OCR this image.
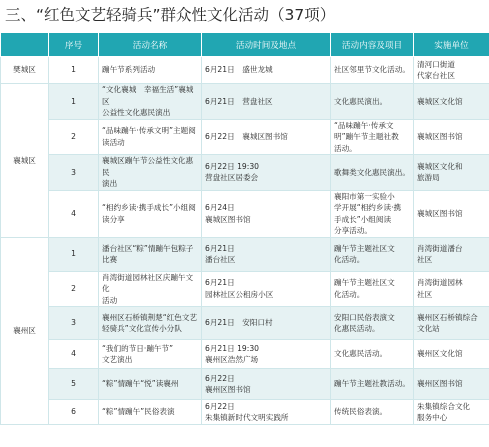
三、“红色文艺轻骑兵”群众性文化活动（37项）
	序号	活动名称	活动时间及地点	活动内容及项目	实施单位
樊城区	1	蹦午节系列活动	6月21日　盛世龙城	社区邻里节文化活动。	清河口街道
代家台社区

襄城区	1	“文化襄城　幸福生活”襄城区
公益性文化惠民演出	6月21日　营盘社区	文化惠民演出。	襄城区文化馆

	2	“品味蹦午·传承文明”主题阅
读活动	6月22日　襄城区图书馆	“品味蹦午·传承文
明”蹦午节主题社教
活动。	襄城区图书馆

	3	襄城区蹦午节公益性文化惠民
演出	6月22日 19:30
营盘社区居委会	歌舞类文化惠民演出。	襄城区文化和
旅游局

	4	“相约乡读·携手成长”小组阅
读分享	6月24日
襄城区图书馆	襄阳市第一实验小
学开展“相约乡读·携
手成长”小组阅读
分享活动。	襄城区图书馆

襄州区	1	潘台社区“粽”情蹦午包粽子
比赛	6月21日
潘台社区	蹦午节主题社区文
化活动。	肖湾街道潘台
社区

	2	肖湾街道园林社区庆蹦午文化
活动	6月21日
园林社区公租房小区	蹦午节主题社区文
化活动。	肖湾街道园林
社区

	3	襄州区石桥镇荆楚“红色文艺
轻骑兵”文化宣传小分队	6月21日　安阳口村	安阳口民俗表演文
化惠民活动。	襄州区石桥镇综合
文化站

	4	“我们的节日·蹦午节”
文艺演出	6月21日 19:30
襄州区浩然广场	文化惠民活动。	襄州区文化馆

	5	“粽”情蹦午“悦”读襄州	6月22日
襄州区图书馆	蹦午节主题社教活动。	襄州区图书馆

	6	“粽”情蹦午”民俗表演	6月22日
朱集镇新时代文明实践所	传统民俗表演。	朱集镇综合文化
服务中心
